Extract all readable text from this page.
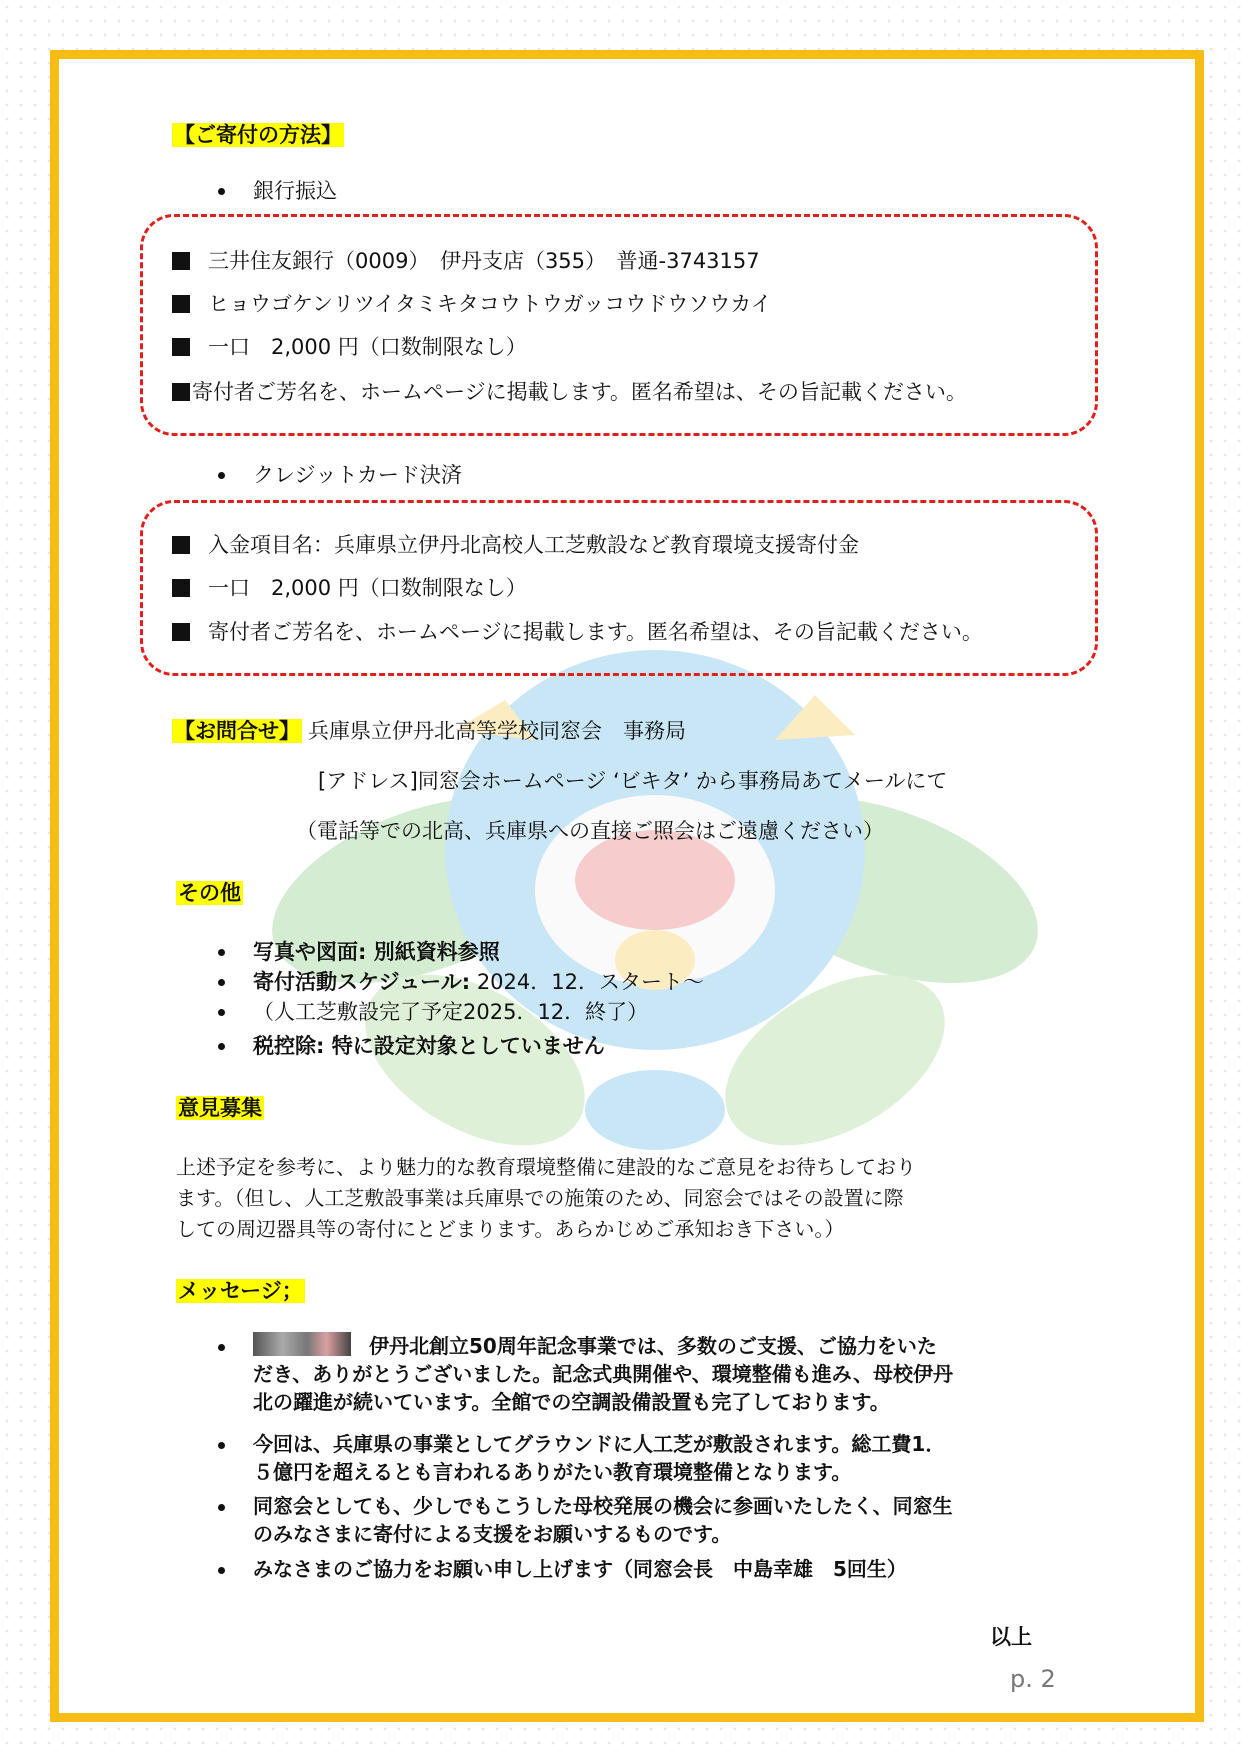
【ご寄付の方法】
銀行振込
三井住友銀行（0009）　伊丹支店（355）　普通-3743157
ヒョウゴケンリツイタミキタコウトウガッコウドウソウカイ
一口　2,000 円（口数制限なし）
寄付者ご芳名を、ホームページに掲載します。匿名希望は、その旨記載ください。
クレジットカード決済
入金項目名：兵庫県立伊丹北高校人工芝敷設など教育環境支援寄付金
一口　2,000 円（口数制限なし）
寄付者ご芳名を、ホームページに掲載します。匿名希望は、その旨記載ください。
【お問合せ】 兵庫県立伊丹北高等学校同窓会　事務局
[アドレス]同窓会ホームページ ‘ビキタ’ から事務局あてメールにて
（電話等での北高、兵庫県への直接ご照会はご遠慮ください）
その他
写真や図面: 別紙資料参照
寄付活動スケジュール: 2024．12．スタート〜
（人工芝敷設完了予定2025．12．終了）
税控除: 特に設定対象としていません
意見募集
上述予定を参考に、より魅力的な教育環境整備に建設的なご意見をお待ちしており
ます。（但し、人工芝敷設事業は兵庫県での施策のため、同窓会ではその設置に際
しての周辺器具等の寄付にとどまります。あらかじめご承知おき下さい。）
メッセージ；
伊丹北創立50周年記念事業では、多数のご支援、ご協力をいた
だき、ありがとうございました。記念式典開催や、環境整備も進み、母校伊丹
北の躍進が続いています。全館での空調設備設置も完了しております。
今回は、兵庫県の事業としてグラウンドに人工芝が敷設されます。総工費1．
５億円を超えるとも言われるありがたい教育環境整備となります。
同窓会としても、少しでもこうした母校発展の機会に参画いたしたく、同窓生
のみなさまに寄付による支援をお願いするものです。
みなさまのご協力をお願い申し上げます（同窓会長　中島幸雄　5回生）
以上
p. 2
